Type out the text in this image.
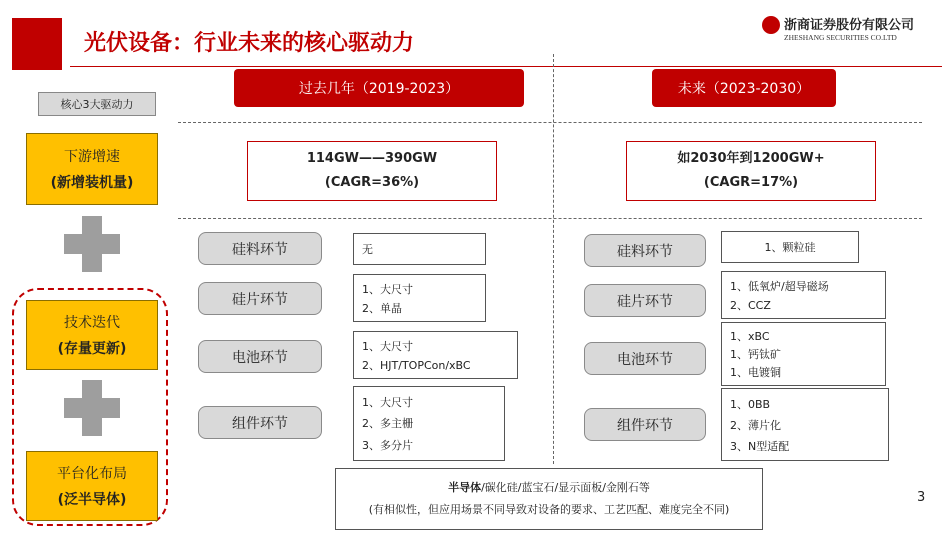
光伏设备：行业未来的核心驱动力
浙商证券股份有限公司
ZHESHANG SECURITIES CO.LTD
核心3大驱动力
下游增速
(新增装机量)
技术迭代
(存量更新)
平台化布局
(泛半导体)
过去几年（2019-2023）	未来（2023-2030）
114GW——390GW
(CAGR=36%)
如2030年到1200GW+
(CAGR=17%)
硅料环节
硅片环节
电池环节
组件环节
无
1、大尺寸
2、单晶
1、大尺寸
2、HJT/TOPCon/xBC
1、大尺寸
2、多主栅
3、多分片
硅料环节
硅片环节
电池环节
组件环节
1、颗粒硅
1、低氧炉/超导磁场
2、CCZ
1、xBC
1、钙钛矿
1、电镀铜
1、0BB
2、薄片化
3、N型适配
半导体/碳化硅/蓝宝石/显示面板/金刚石等
(有相似性，但应用场景不同导致对设备的要求、工艺匹配、难度完全不同)
3
